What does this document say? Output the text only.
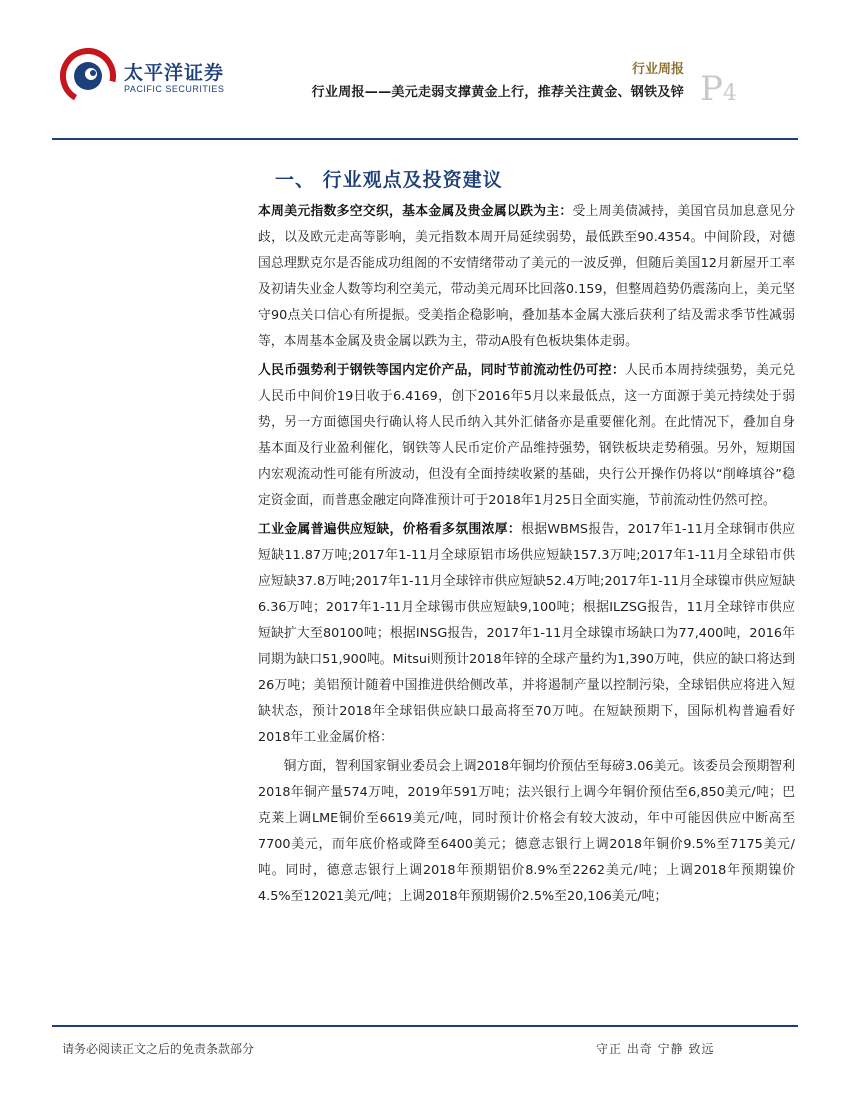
太平洋证券
PACIFIC SECURITIES
行业周报
行业周报——美元走弱支撑黄金上行，推荐关注黄金、钢铁及锌 P4
一、 行业观点及投资建议

本周美元指数多空交织，基本金属及贵金属以跌为主：受上周美债减持，美国官员加息意见分歧，以及欧元走高等影响，美元指数本周开局延续弱势，最低跌至90.4354。中间阶段，对德国总理默克尔是否能成功组阁的不安情绪带动了美元的一波反弹，但随后美国12月新屋开工率及初请失业金人数等均利空美元，带动美元周环比回落0.159，但整周趋势仍震荡向上，美元坚守90点关口信心有所提振。受美指企稳影响，叠加基本金属大涨后获利了结及需求季节性减弱等，本周基本金属及贵金属以跌为主，带动A股有色板块集体走弱。

人民币强势利于钢铁等国内定价产品，同时节前流动性仍可控：人民币本周持续强势，美元兑人民币中间价19日收于6.4169，创下2016年5月以来最低点，这一方面源于美元持续处于弱势，另一方面德国央行确认将人民币纳入其外汇储备亦是重要催化剂。在此情况下，叠加自身基本面及行业盈利催化，钢铁等人民币定价产品维持强势，钢铁板块走势稍强。另外，短期国内宏观流动性可能有所波动，但没有全面持续收紧的基础，央行公开操作仍将以“削峰填谷”稳定资金面，而普惠金融定向降准预计可于2018年1月25日全面实施，节前流动性仍然可控。

工业金属普遍供应短缺，价格看多氛围浓厚：根据WBMS报告，2017年1-11月全球铜市供应短缺11.87万吨;2017年1-11月全球原铝市场供应短缺157.3万吨;2017年1-11月全球铅市供应短缺37.8万吨;2017年1-11月全球锌市供应短缺52.4万吨;2017年1-11月全球镍市供应短缺6.36万吨；2017年1-11月全球锡市供应短缺9,100吨；根据ILZSG报告，11月全球锌市供应短缺扩大至80100吨；根据INSG报告，2017年1-11月全球镍市场缺口为77,400吨，2016年同期为缺口51,900吨。Mitsui则预计2018年锌的全球产量约为1,390万吨，供应的缺口将达到26万吨；美铝预计随着中国推进供给侧改革，并将遏制产量以控制污染，全球铝供应将进入短缺状态，预计2018年全球铝供应缺口最高将至70万吨。在短缺预期下，国际机构普遍看好2018年工业金属价格：

铜方面，智利国家铜业委员会上调2018年铜均价预估至每磅3.06美元。该委员会预期智利2018年铜产量574万吨，2019年591万吨；法兴银行上调今年铜价预估至6,850美元/吨；巴克莱上调LME铜价至6619美元/吨，同时预计价格会有较大波动，年中可能因供应中断高至7700美元，而年底价格或降至6400美元；德意志银行上调2018年铜价9.5%至7175美元/吨。同时，德意志银行上调2018年预期铝价8.9%至2262美元/吨；上调2018年预期镍价4.5%至12021美元/吨；上调2018年预期锡价2.5%至20,106美元/吨；

请务必阅读正文之后的免责条款部分	守正 出奇 宁静 致远
